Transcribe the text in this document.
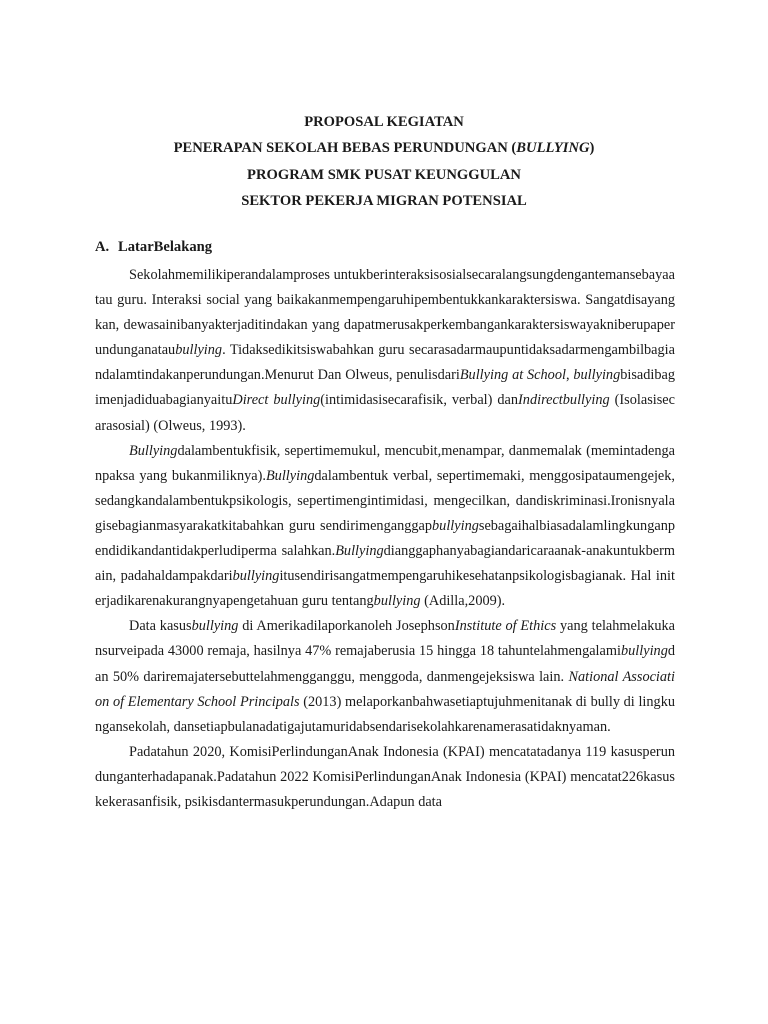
PROPOSAL KEGIATAN
PENERAPAN SEKOLAH BEBAS PERUNDUNGAN (BULLYING)
PROGRAM SMK PUSAT KEUNGGULAN
SEKTOR PEKERJA MIGRAN POTENSIAL
A. LatarBelakang

Sekolahmemilikiperandalamproses untukberinteraksisosialsecaralangsungdengantemansebayaatau guru. Interaksi social yang baikakanmempengaruhipembentukkankaraktersiswa. Sangatdisayangkan, dewasainibanyakterjaditindakan yang dapatmerusakperkembangankaraktersiswayakniberupaperundunganataubullying. Tidaksedikitsiswabahkan guru secarasadarmaupuntidaksadarmengambilbagiandalamtindakanperundungan.Menurut Dan Olweus, penulisdariBullying at School, bullyingbisadibagimenjadiduabagianyaituDirect bullying(intimidasisecarafisik, verbal) danIndirectbullying (Isolasisecarasosial) (Olweus, 1993).

Bullyingdalambentukfisik, sepertimemukul, mencubit,menampar, danmemalak (memintadenganpaksa yang bukanmiliknya).Bullyingdalambentuk verbal, sepertimemaki, menggosipataumengejek, sedangkandalambentukpsikologis, sepertimengintimidasi, mengecilkan, dandiskriminasi.Ironisnyalagisebagianmasyarakatkitabahkan guru sendirimenganggapbullyingsebagaihalbiasadalamlingkunganpendidikandantidakperludiperma salahkan.Bullyingdianggaphanyabagiandaricaraanak-anakuntukbermain, padahaldampakdaribullyingitusendirisangatmempengaruhikesehatanpsikologisbagianak. Hal initerjadikarenakurangnyapengetahuan guru tentangbullying (Adilla,2009).

Data kasusbullying di Amerikadilaporkanoleh JosephsonInstitute of Ethics yang telahmelakukansurveipada 43000 remaja, hasilnya 47% remajaberusia 15 hingga 18 tahuntelahmengalamibullyingdan 50% dariremajatersebuttelahmengganggu, menggoda, danmengejeksiswa lain. National Association of Elementary School Principals (2013) melaporkanbahwasetiaptujuhmenitanak di bully di lingkungansekolah, dansetiapbulanadatigajutamuridabsendarisekolahkarenamerasatidaknyaman.

Padatahun 2020, KomisiPerlindunganAnak Indonesia (KPAI) mencatatadanya 119 kasusperundunganterhadapanak.Padatahun 2022 KomisiPerlindunganAnak Indonesia (KPAI) mencatat226kasuskekerasanfisik, psikisdantermasukperundungan.Adapun data
